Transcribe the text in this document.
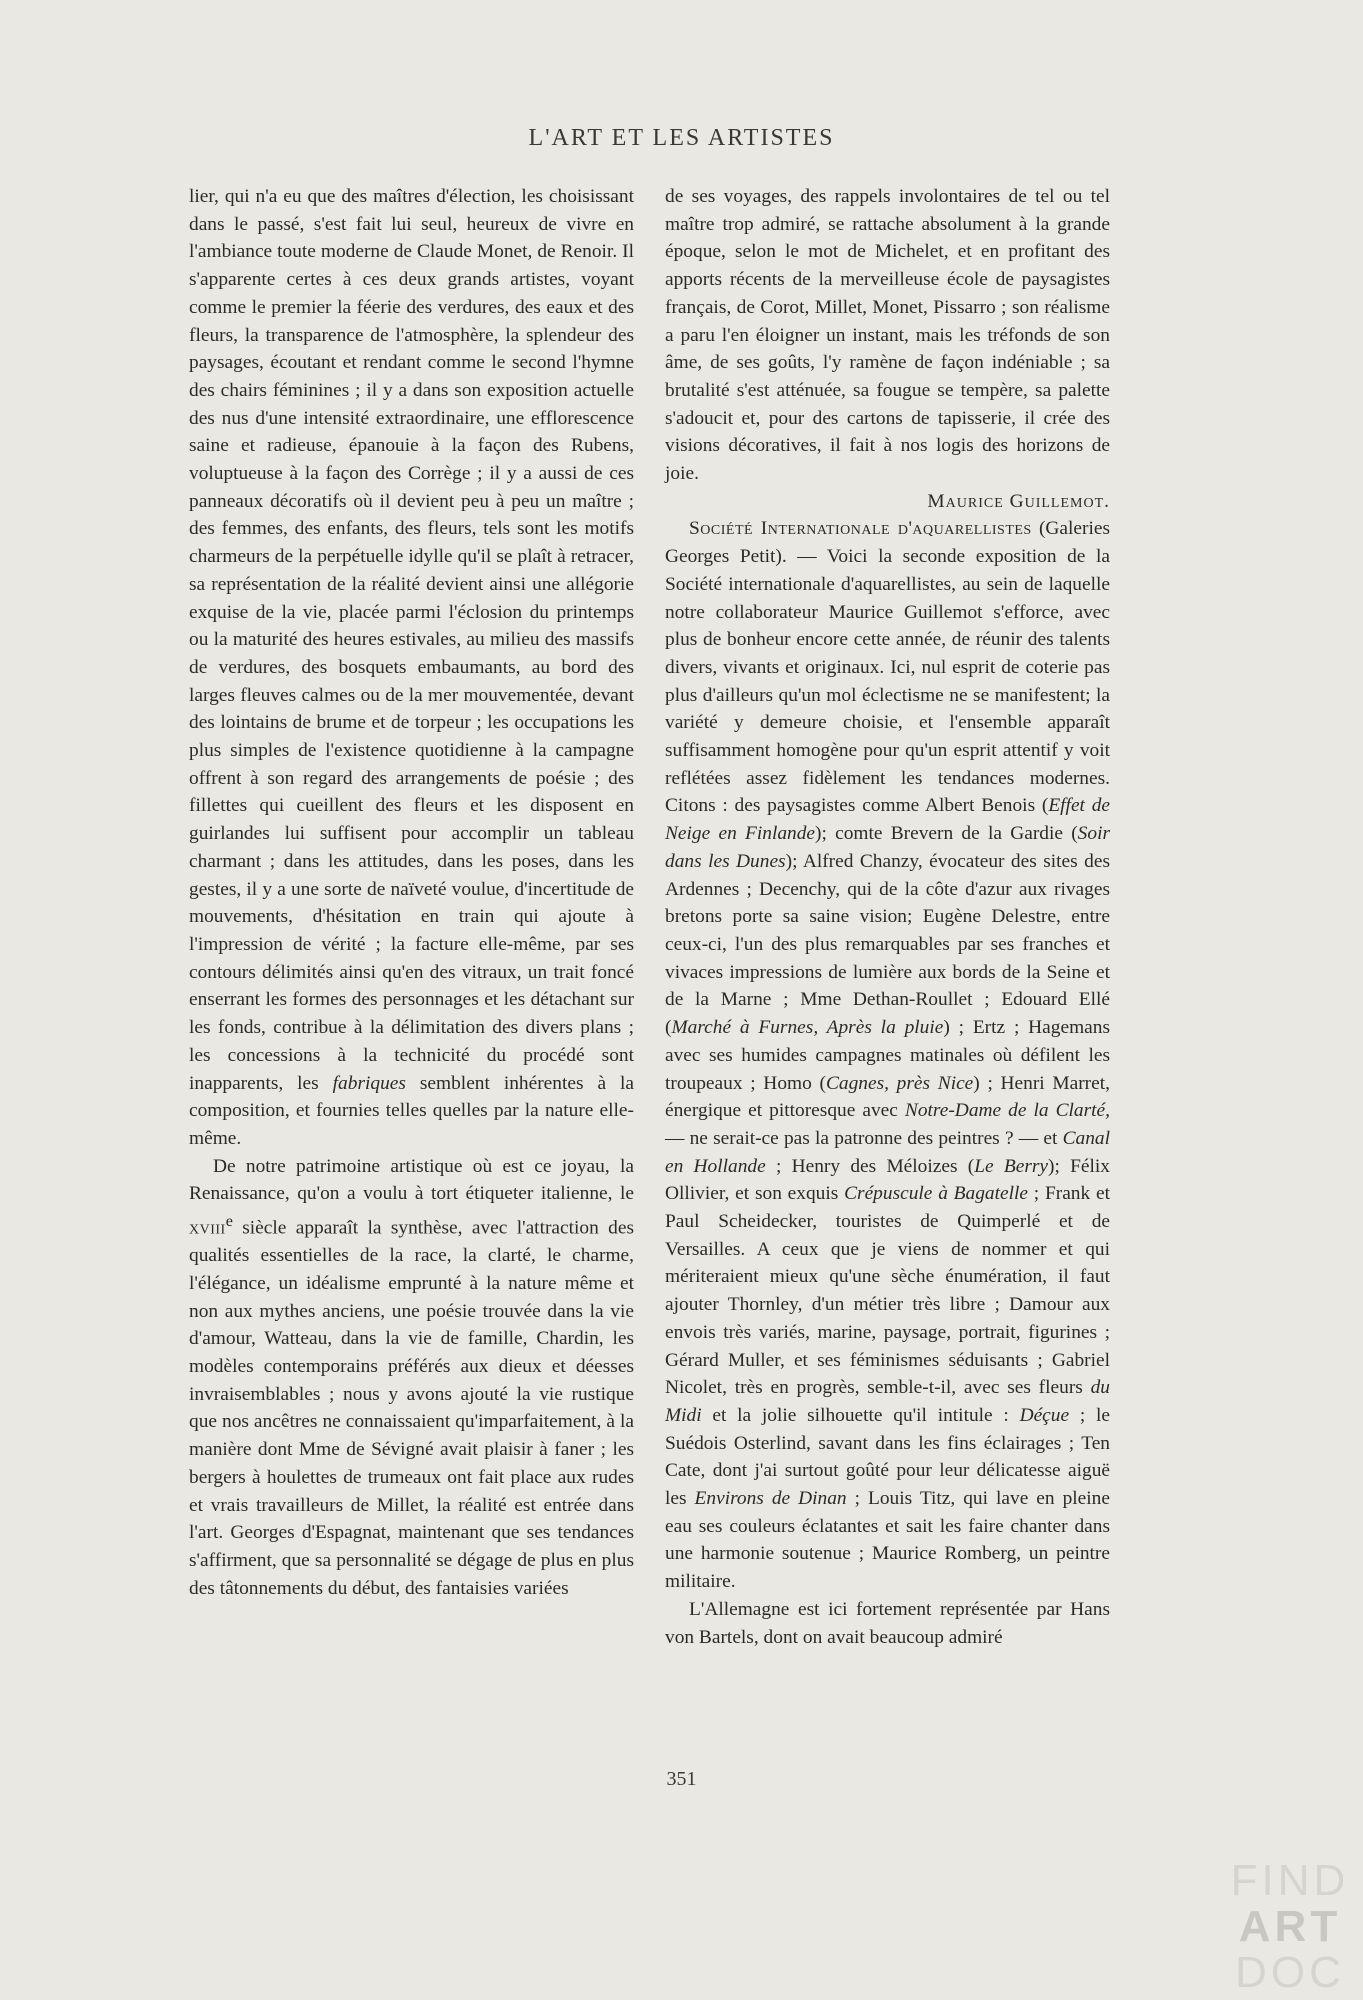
L'ART ET LES ARTISTES

lier, qui n'a eu que des maîtres d'élection, les choisissant dans le passé, s'est fait lui seul, heureux de vivre en l'ambiance toute moderne de Claude Monet, de Renoir. Il s'apparente certes à ces deux grands artistes, voyant comme le premier la féerie des verdures, des eaux et des fleurs, la transparence de l'atmosphère, la splendeur des paysages, écoutant et rendant comme le second l'hymne des chairs féminines ; il y a dans son exposition actuelle des nus d'une intensité extraordinaire, une efflorescence saine et radieuse, épanouie à la façon des Rubens, voluptueuse à la façon des Corrège ; il y a aussi de ces panneaux décoratifs où il devient peu à peu un maître ; des femmes, des enfants, des fleurs, tels sont les motifs charmeurs de la perpétuelle idylle qu'il se plaît à retracer, sa représentation de la réalité devient ainsi une allégorie exquise de la vie, placée parmi l'éclosion du printemps ou la maturité des heures estivales, au milieu des massifs de verdures, des bosquets embaumants, au bord des larges fleuves calmes ou de la mer mouvementée, devant des lointains de brume et de torpeur ; les occupations les plus simples de l'existence quotidienne à la campagne offrent à son regard des arrangements de poésie ; des fillettes qui cueillent des fleurs et les disposent en guirlandes lui suffisent pour accomplir un tableau charmant ; dans les attitudes, dans les poses, dans les gestes, il y a une sorte de naïveté voulue, d'incertitude de mouvements, d'hésitation en train qui ajoute à l'impression de vérité ; la facture elle-même, par ses contours délimités ainsi qu'en des vitraux, un trait foncé enserrant les formes des personnages et les détachant sur les fonds, contribue à la délimitation des divers plans ; les concessions à la technicité du procédé sont inapparents, les fabriques semblent inhérentes à la composition, et fournies telles quelles par la nature elle-même.

De notre patrimoine artistique où est ce joyau, la Renaissance, qu'on a voulu à tort étiqueter italienne, le xviii$^e$ siècle apparaît la synthèse, avec l'attraction des qualités essentielles de la race, la clarté, le charme, l'élégance, un idéalisme emprunté à la nature même et non aux mythes anciens, une poésie trouvée dans la vie d'amour, Watteau, dans la vie de famille, Chardin, les modèles contemporains préférés aux dieux et déesses invraisemblables ; nous y avons ajouté la vie rustique que nos ancêtres ne connaissaient qu'imparfaitement, à la manière dont Mme de Sévigné avait plaisir à faner ; les bergers à houlettes de trumeaux ont fait place aux rudes et vrais travailleurs de Millet, la réalité est entrée dans l'art. Georges d'Espagnat, maintenant que ses tendances s'affirment, que sa personnalité se dégage de plus en plus des tâtonnements du début, des fantaisies variées

de ses voyages, des rappels involontaires de tel ou tel maître trop admiré, se rattache absolument à la grande époque, selon le mot de Michelet, et en profitant des apports récents de la merveilleuse école de paysagistes français, de Corot, Millet, Monet, Pissarro ; son réalisme a paru l'en éloigner un instant, mais les tréfonds de son âme, de ses goûts, l'y ramène de façon indéniable ; sa brutalité s'est atténuée, sa fougue se tempère, sa palette s'adoucit et, pour des cartons de tapisserie, il crée des visions décoratives, il fait à nos logis des horizons de joie.

Maurice Guillemot.

Société Internationale d'aquarellistes (Galeries Georges Petit). — Voici la seconde exposition de la Société internationale d'aquarellistes, au sein de laquelle notre collaborateur Maurice Guillemot s'efforce, avec plus de bonheur encore cette année, de réunir des talents divers, vivants et originaux. Ici, nul esprit de coterie pas plus d'ailleurs qu'un mol éclectisme ne se manifestent; la variété y demeure choisie, et l'ensemble apparaît suffisamment homogène pour qu'un esprit attentif y voit reflétées assez fidèlement les tendances modernes. Citons : des paysagistes comme Albert Benois (Effet de Neige en Finlande); comte Brevern de la Gardie (Soir dans les Dunes); Alfred Chanzy, évocateur des sites des Ardennes ; Decenchy, qui de la côte d'azur aux rivages bretons porte sa saine vision; Eugène Delestre, entre ceux-ci, l'un des plus remarquables par ses franches et vivaces impressions de lumière aux bords de la Seine et de la Marne ; Mme Dethan-Roullet ; Edouard Ellé (Marché à Furnes, Après la pluie) ; Ertz ; Hagemans avec ses humides campagnes matinales où défilent les troupeaux ; Homo (Cagnes, près Nice) ; Henri Marret, énergique et pittoresque avec Notre-Dame de la Clarté, — ne serait-ce pas la patronne des peintres ? — et Canal en Hollande ; Henry des Méloizes (Le Berry); Félix Ollivier, et son exquis Crépuscule à Bagatelle ; Frank et Paul Scheidecker, touristes de Quimperlé et de Versailles. A ceux que je viens de nommer et qui mériteraient mieux qu'une sèche énumération, il faut ajouter Thornley, d'un métier très libre ; Damour aux envois très variés, marine, paysage, portrait, figurines ; Gérard Muller, et ses féminismes séduisants ; Gabriel Nicolet, très en progrès, semble-t-il, avec ses fleurs du Midi et la jolie silhouette qu'il intitule : Déçue ; le Suédois Osterlind, savant dans les fins éclairages ; Ten Cate, dont j'ai surtout goûté pour leur délicatesse aiguë les Environs de Dinan ; Louis Titz, qui lave en pleine eau ses couleurs éclatantes et sait les faire chanter dans une harmonie soutenue ; Maurice Romberg, un peintre militaire.

L'Allemagne est ici fortement représentée par Hans von Bartels, dont on avait beaucoup admiré

351
FIND
ART
DOC
